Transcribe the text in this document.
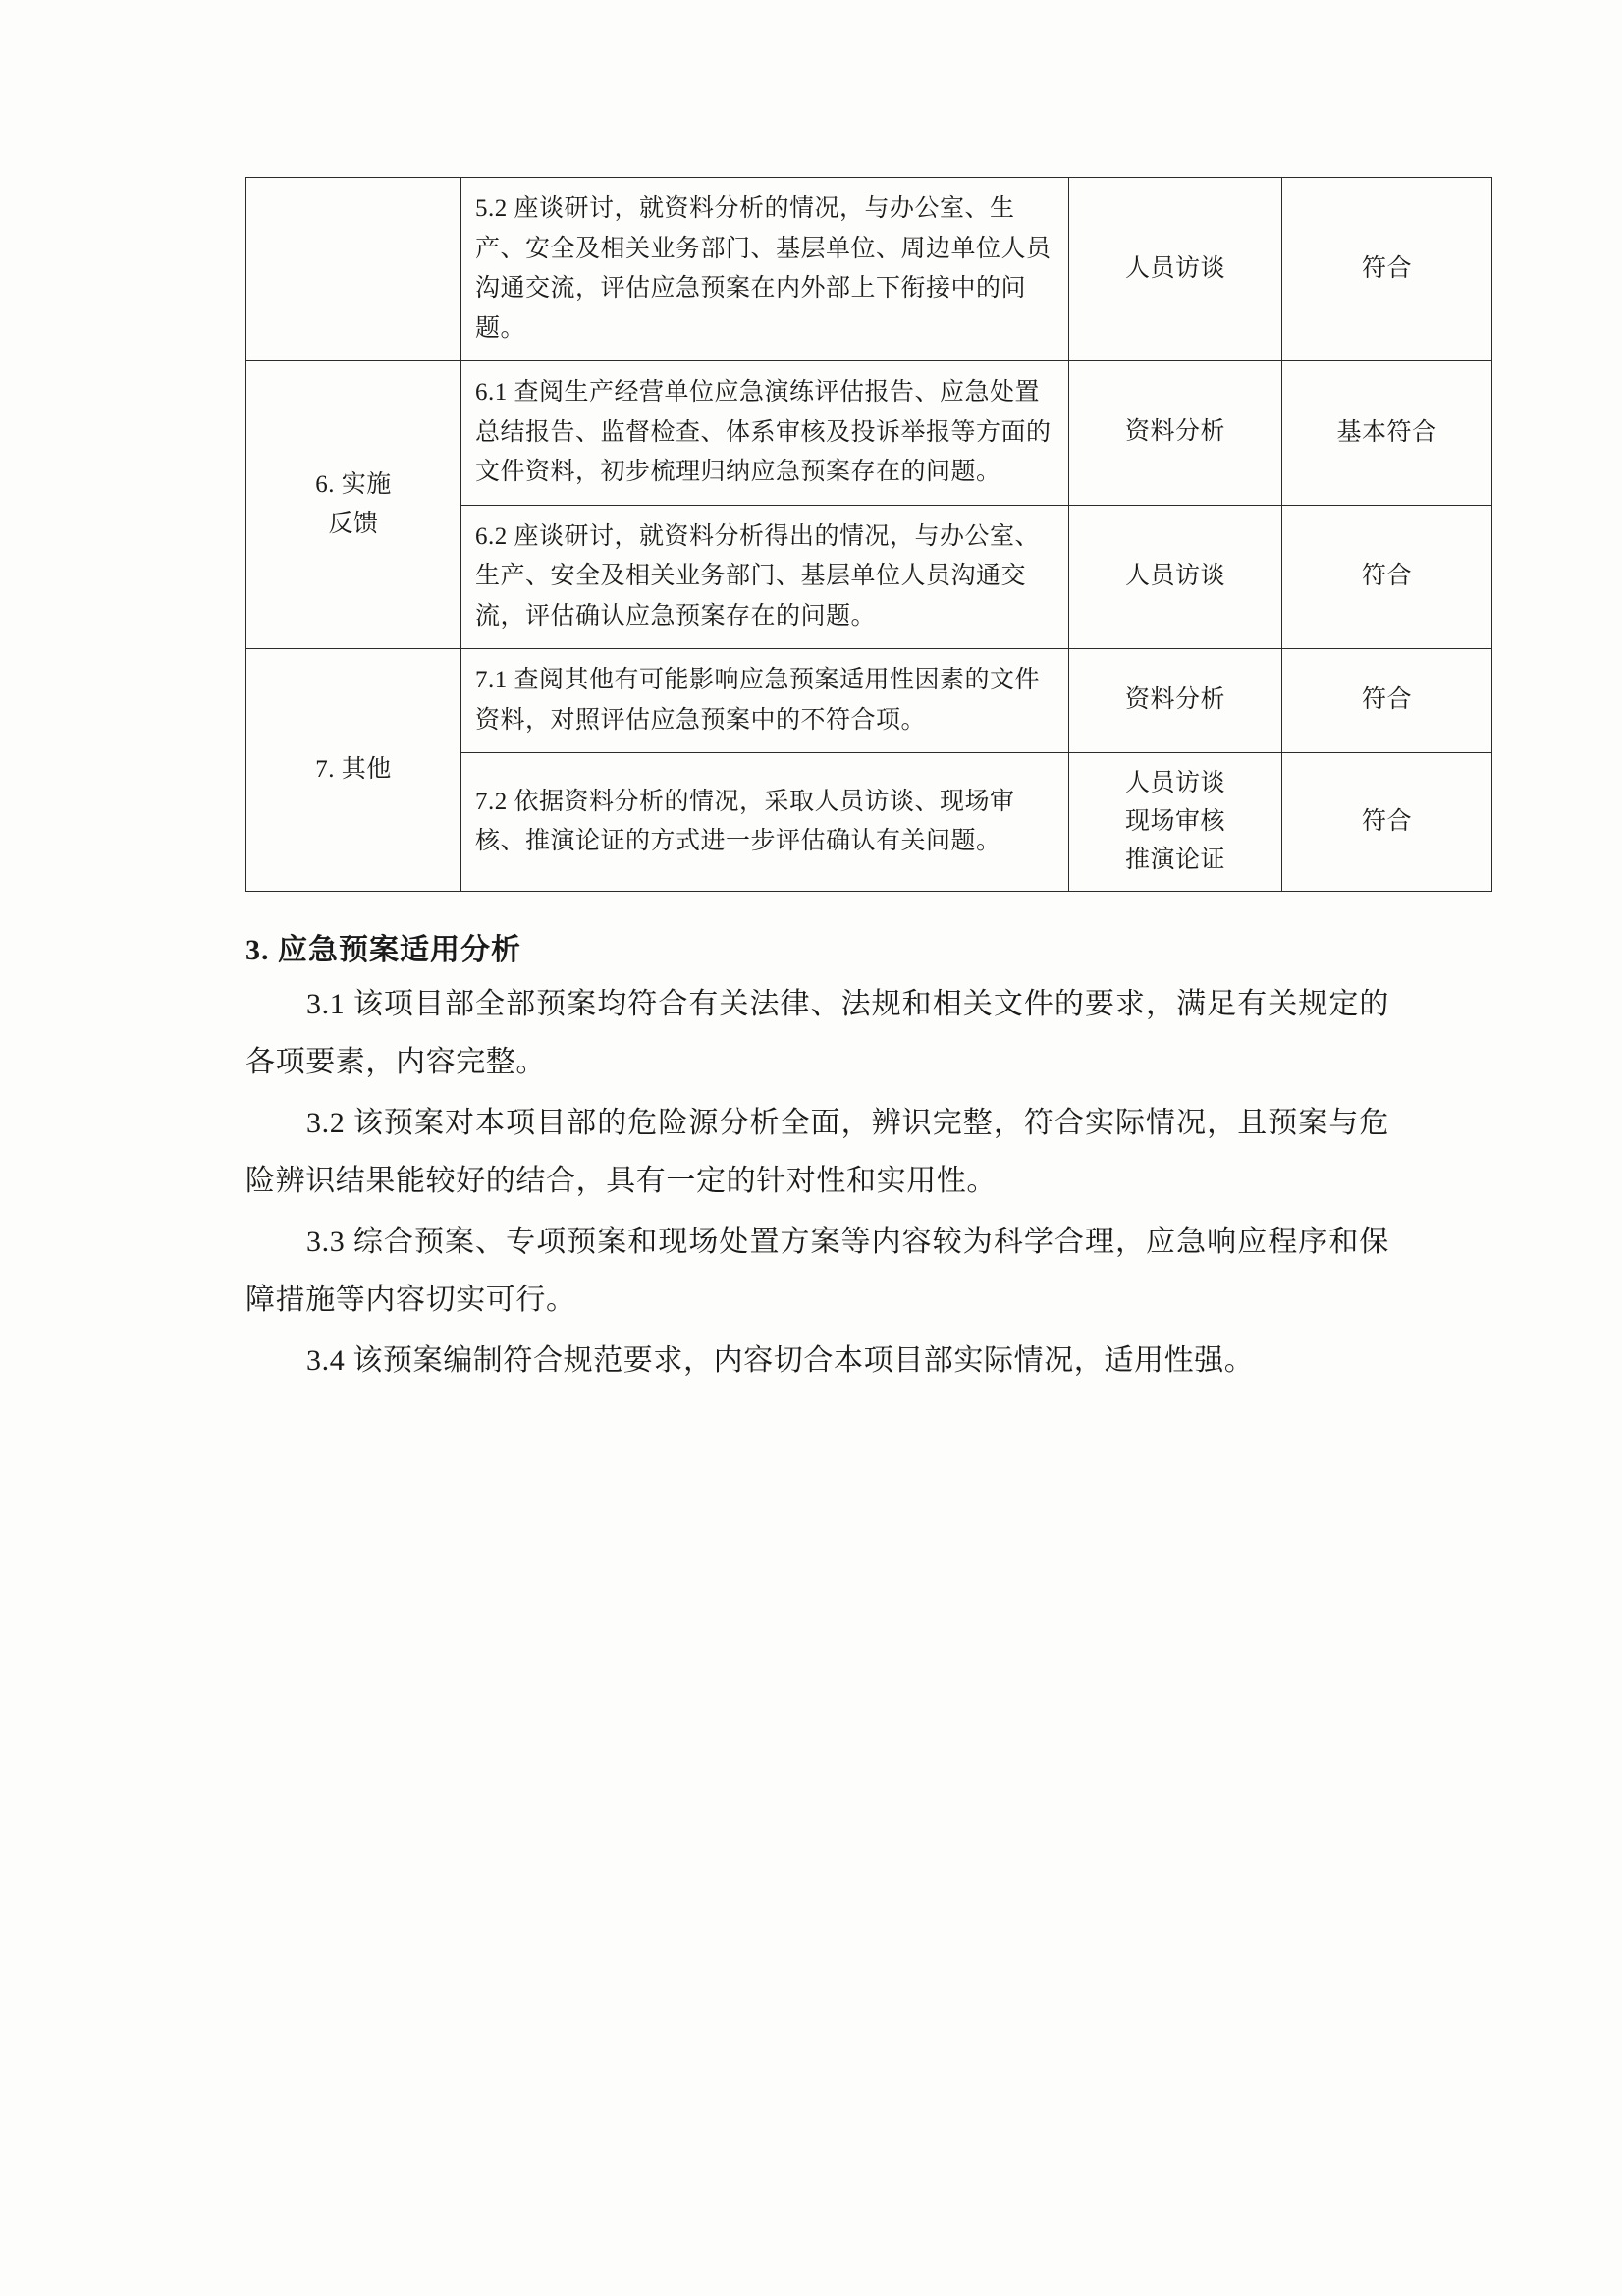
	5.2 座谈研讨，就资料分析的情况，与办公室、生产、安全及相关业务部门、基层单位、周边单位人员沟通交流，评估应急预案在内外部上下衔接中的问题。	人员访谈	符合

6. 实施
反馈	6.1 查阅生产经营单位应急演练评估报告、应急处置总结报告、监督检查、体系审核及投诉举报等方面的文件资料，初步梳理归纳应急预案存在的问题。	资料分析	基本符合
	6.2 座谈研讨，就资料分析得出的情况，与办公室、生产、安全及相关业务部门、基层单位人员沟通交流，评估确认应急预案存在的问题。	人员访谈	符合

7. 其他	7.1 查阅其他有可能影响应急预案适用性因素的文件资料，对照评估应急预案中的不符合项。	资料分析	符合
	7.2 依据资料分析的情况，采取人员访谈、现场审核、推演论证的方式进一步评估确认有关问题。	人员访谈
现场审核
推演论证	符合
3. 应急预案适用分析

3.1 该项目部全部预案均符合有关法律、法规和相关文件的要求，满足有关规定的各项要素，内容完整。

3.2 该预案对本项目部的危险源分析全面，辨识完整，符合实际情况，且预案与危险辨识结果能较好的结合，具有一定的针对性和实用性。

3.3 综合预案、专项预案和现场处置方案等内容较为科学合理，应急响应程序和保障措施等内容切实可行。

3.4 该预案编制符合规范要求，内容切合本项目部实际情况，适用性强。
